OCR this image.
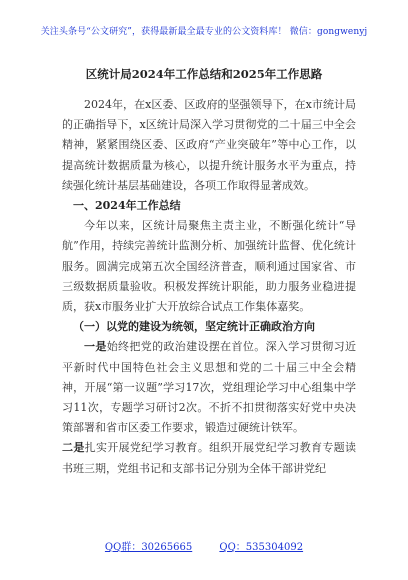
关注头条号“公文研究”，获得最新最全最专业的公文资料库！ 微信：gongwenyj
区统计局2024年工作总结和2025年工作思路

2024年，在x区委、区政府的坚强领导下，在x市统计局的正确指导下，x区统计局深入学习贯彻党的二十届三中全会精神，紧紧围绕区委、区政府“产业突破年”等中心工作，以提高统计数据质量为核心，以提升统计服务水平为重点，持续强化统计基层基础建设，各项工作取得显著成效。

一、2024年工作总结

今年以来，区统计局聚焦主责主业，不断强化统计“导航”作用，持续完善统计监测分析、加强统计监督、优化统计服务。圆满完成第五次全国经济普查，顺利通过国家省、市三级数据质量验收。积极发挥统计职能，助力服务业稳进提质，获x市服务业扩大开放综合试点工作集体嘉奖。

（一）以党的建设为统领，坚定统计正确政治方向

一是始终把党的政治建设摆在首位。深入学习贯彻习近平新时代中国特色社会主义思想和党的二十届三中全会精神，开展“第一议题”学习17次，党组理论学习中心组集中学习11次，专题学习研讨2次。不折不扣贯彻落实好党中央决策部署和省市区委工作要求，锻造过硬统计铁军。

二是扎实开展党纪学习教育。组织开展党纪学习教育专题读书班三期，党组书记和支部书记分别为全体干部讲党纪

QQ群：30265665	QQ：535304092
